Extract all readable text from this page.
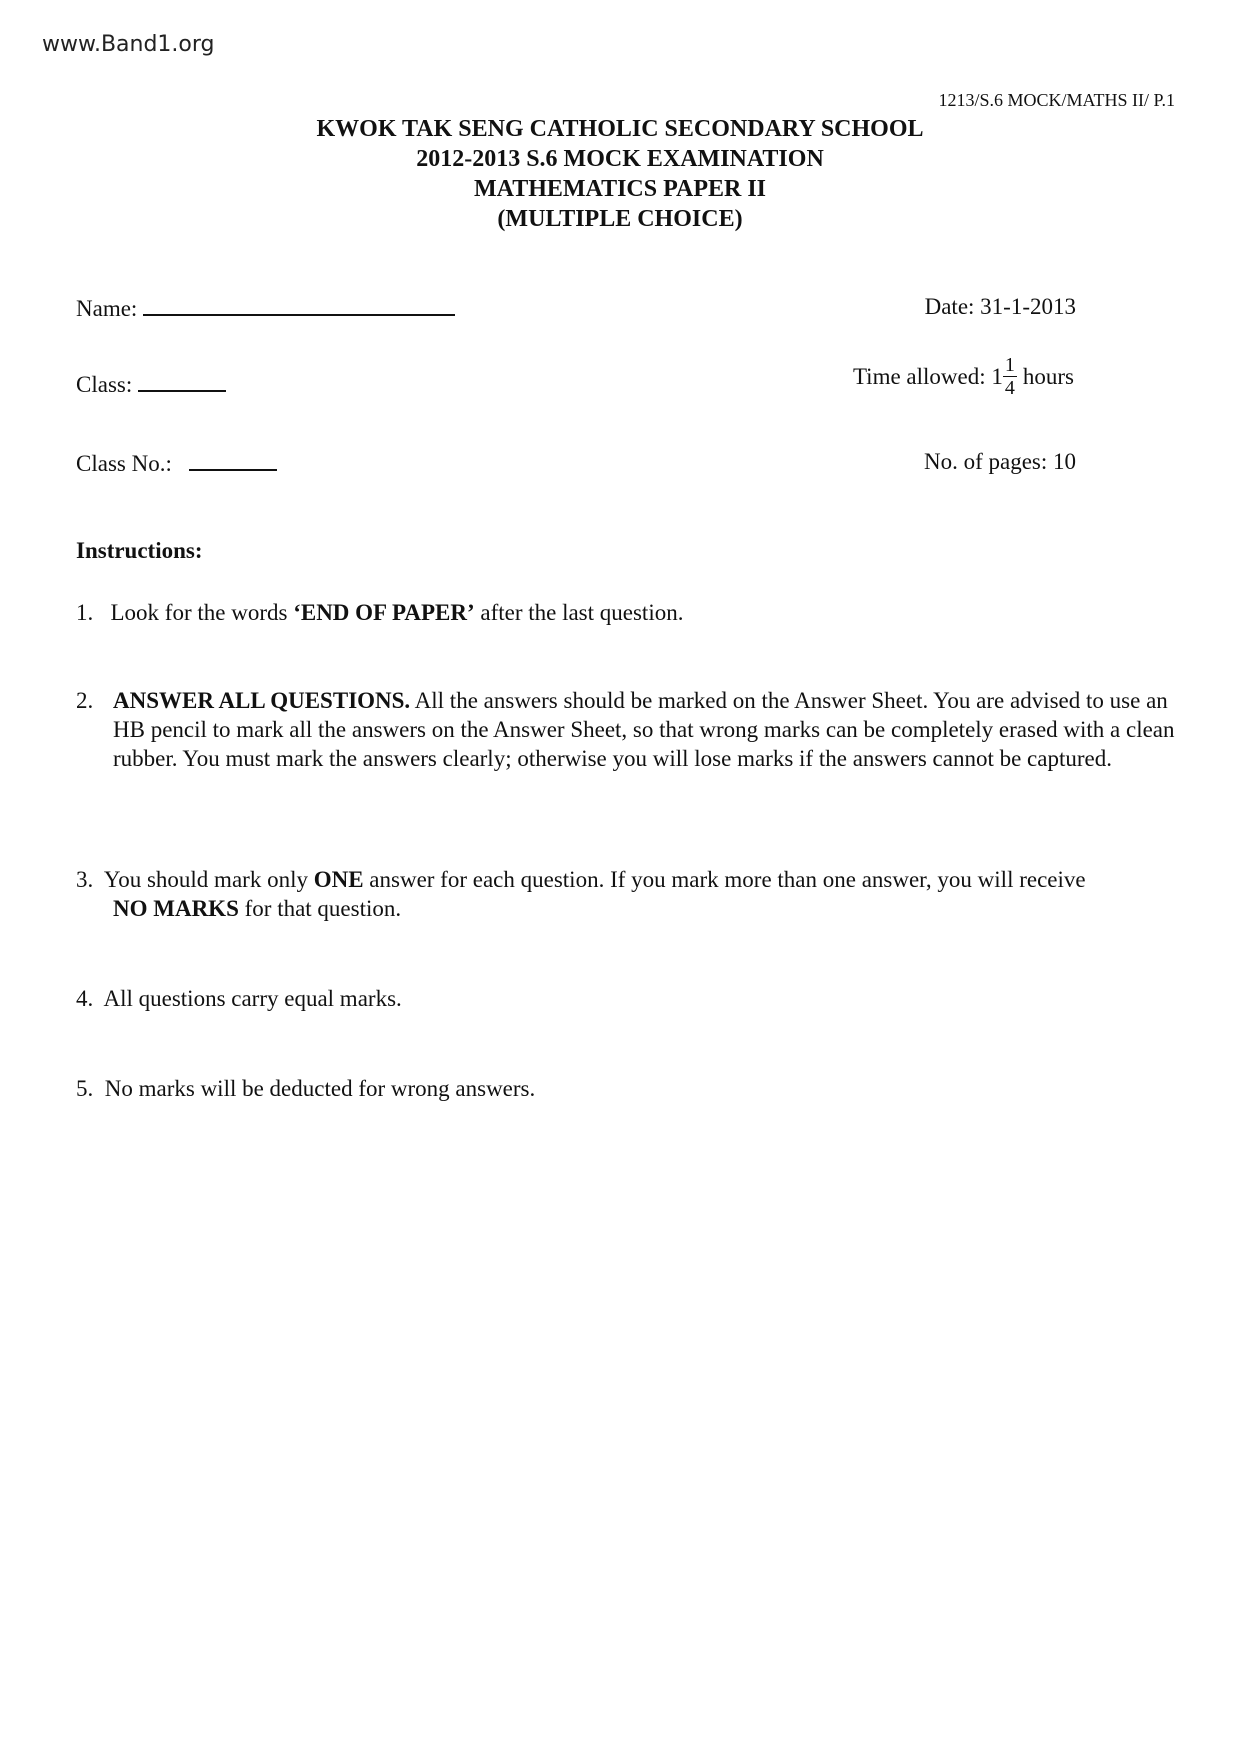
www.Band1.org
1213/S.6 MOCK/MATHS II/ P.1
KWOK TAK SENG CATHOLIC SECONDARY SCHOOL
2012-2013 S.6 MOCK EXAMINATION
MATHEMATICS PAPER II
(MULTIPLE CHOICE)
Name:	Date: 31-1-2013
Class:	Time allowed: $1 \frac{1}{4}$ hours
Class No.:	No. of pages: 10
Instructions:
1. Look for the words ‘END OF PAPER’ after the last question.
2. ANSWER ALL QUESTIONS. All the answers should be marked on the Answer Sheet. You are advised to use an HB pencil to mark all the answers on the Answer Sheet, so that wrong marks can be completely erased with a clean rubber. You must mark the answers clearly; otherwise you will lose marks if the answers cannot be captured.
3. You should mark only ONE answer for each question. If you mark more than one answer, you will receive
NO MARKS for that question.
4. All questions carry equal marks.
5. No marks will be deducted for wrong answers.
